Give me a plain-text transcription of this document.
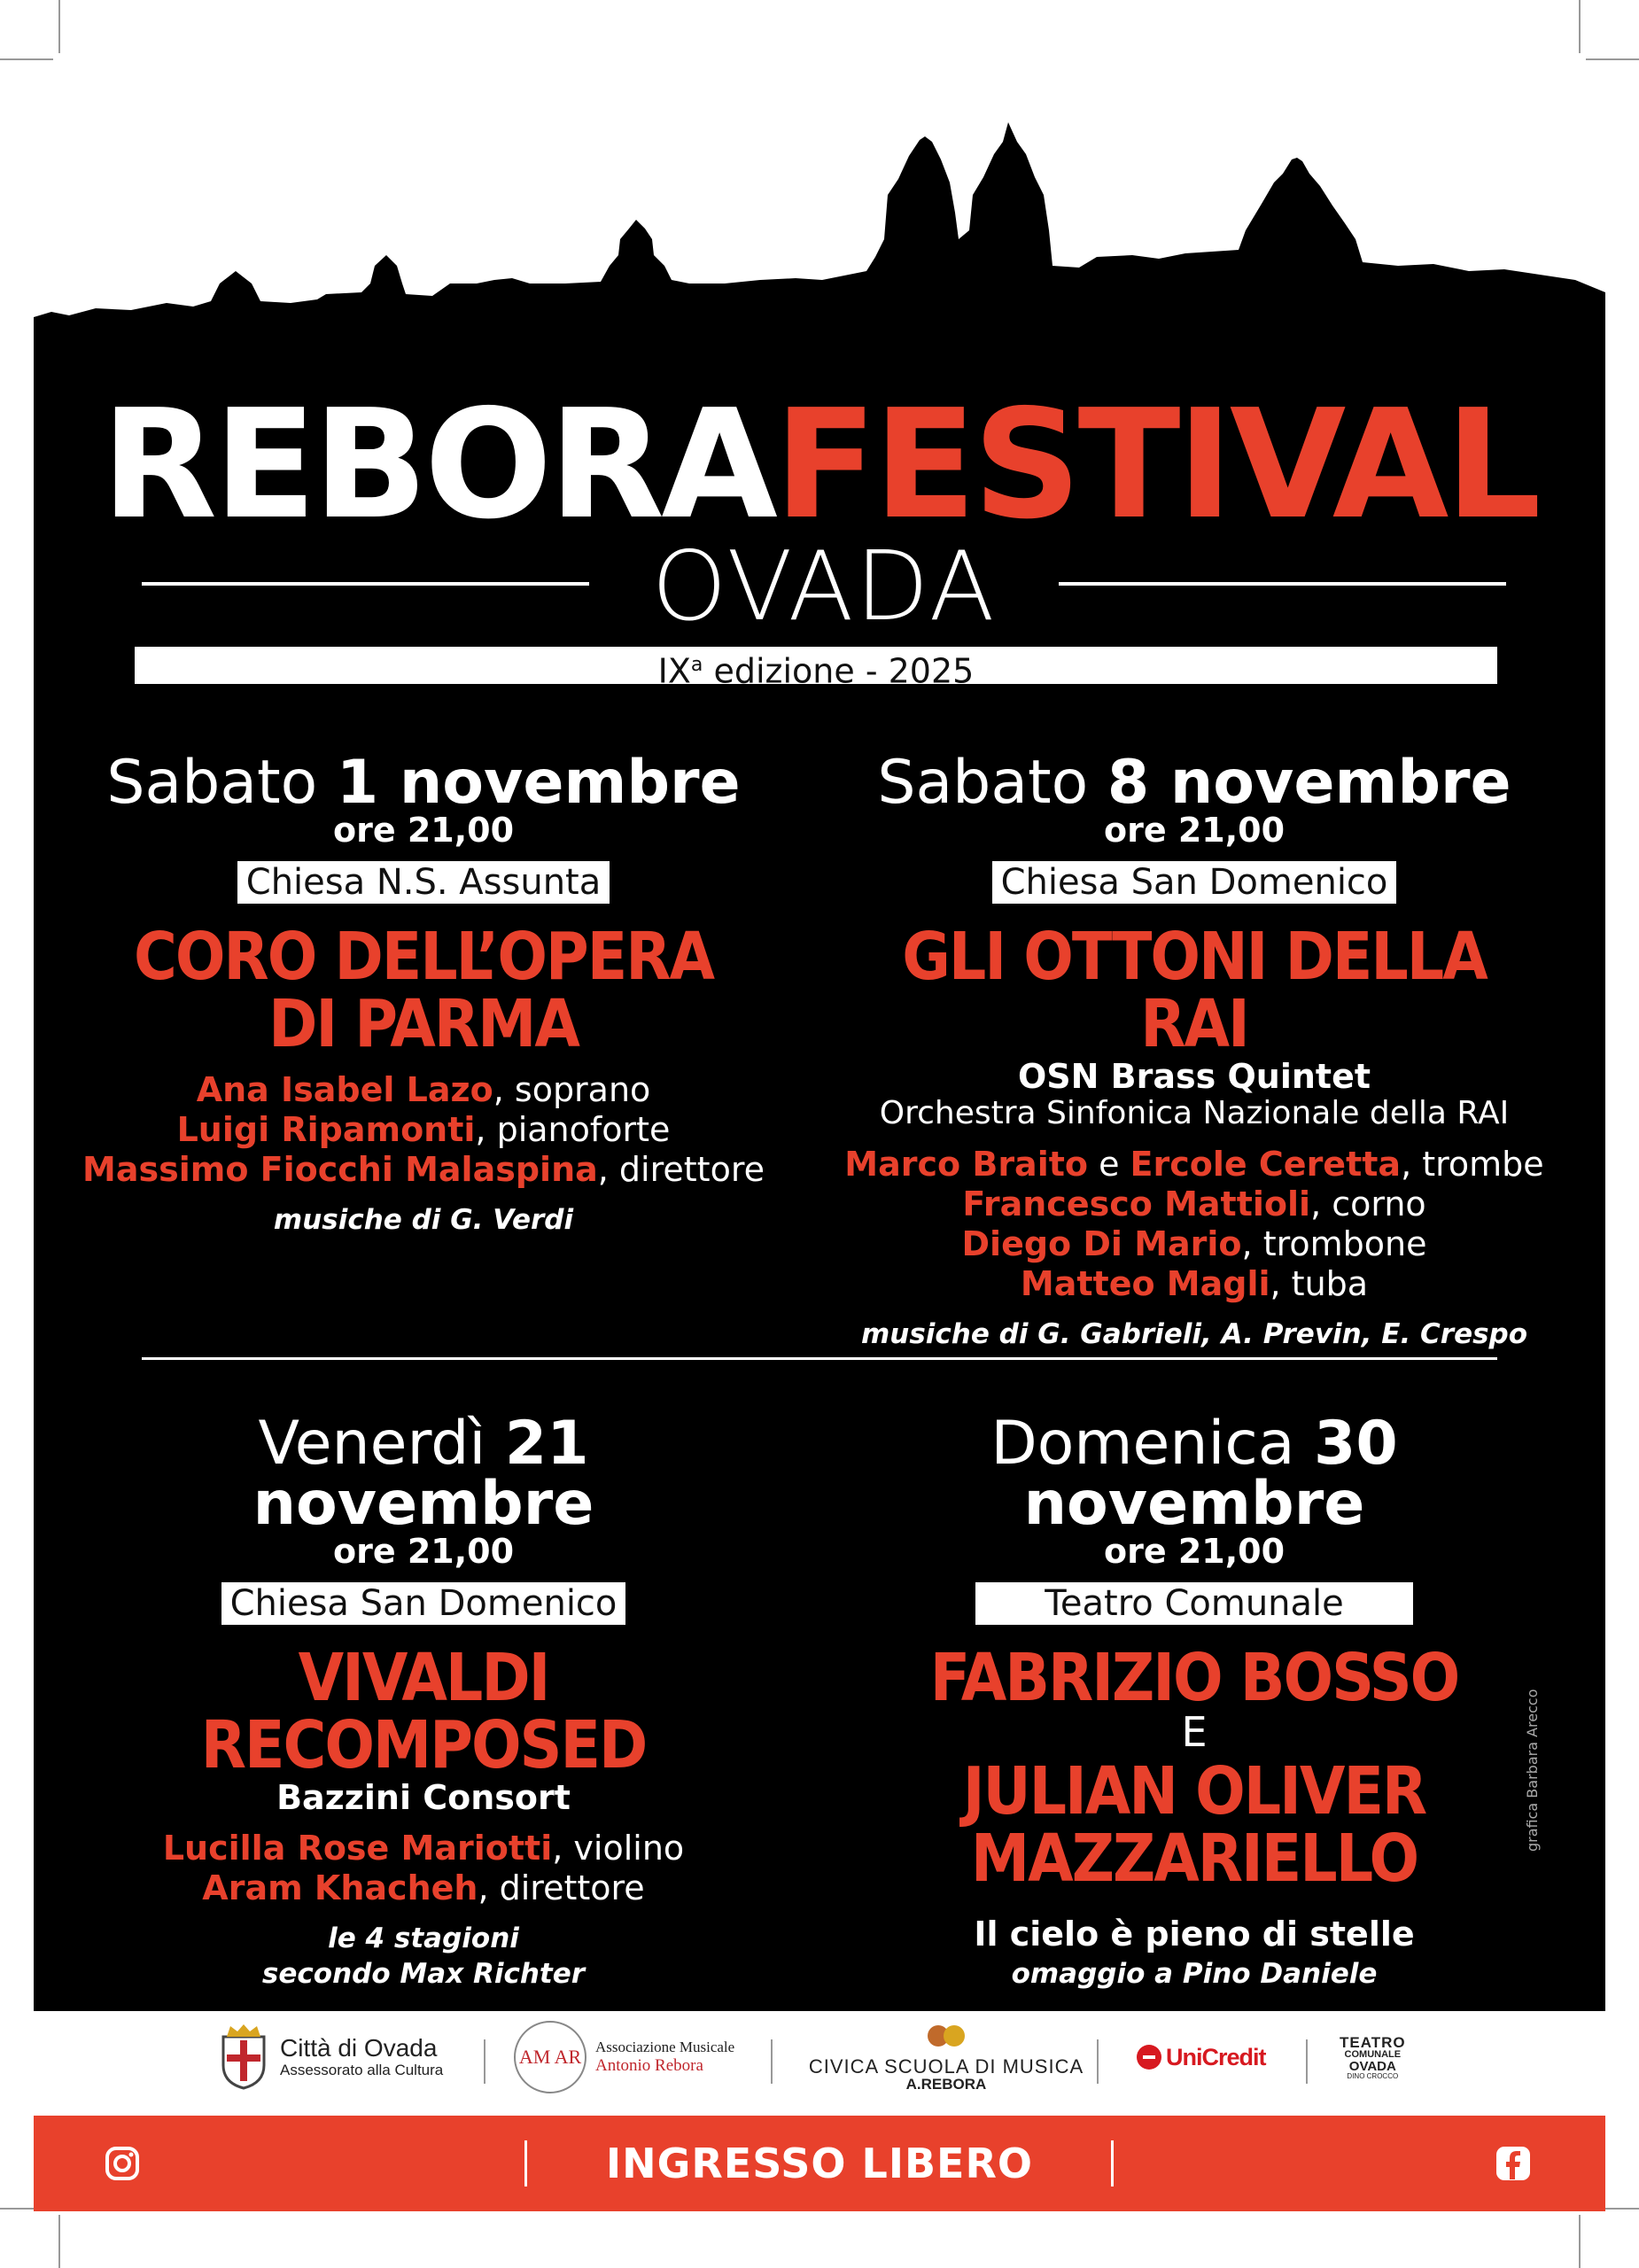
REBORAFESTIVAL
OVADA
$IX^a$ edizione - 2025
Sabato 1 novembre
ore 21,00
Chiesa N.S. Assunta
CORO DELL’OPERA
DI PARMA
Ana Isabel Lazo, soprano
Luigi Ripamonti, pianoforte
Massimo Fiocchi Malaspina, direttore
musiche di G. Verdi
Sabato 8 novembre
ore 21,00
Chiesa San Domenico
GLI OTTONI DELLA RAI
OSN Brass Quintet
Orchestra Sinfonica Nazionale della RAI
Marco Braito e Ercole Ceretta, trombe
Francesco Mattioli, corno
Diego Di Mario, trombone
Matteo Magli, tuba
musiche di G. Gabrieli, A. Previn, E. Crespo
Venerdì 21 novembre
ore 21,00
Chiesa San Domenico
VIVALDI
RECOMPOSED
Bazzini Consort
Lucilla Rose Mariotti, violino
Aram Khacheh, direttore
le 4 stagioni
secondo Max Richter
Domenica 30 novembre
ore 21,00
Teatro Comunale
FABRIZIO BOSSO
E
JULIAN OLIVER
MAZZARIELLO
Il cielo è pieno di stelle
omaggio a Pino Daniele
grafica Barbara Arecco
Città di Ovada
Assessorato alla Cultura
AM AR Associazione Musicale
Antonio Rebora	CIVICA SCUOLA DI MUSICA
A.REBORA
UniCredit
TEATRO
COMUNALE
OVADA
DINO CROCCO
INGRESSO LIBERO
